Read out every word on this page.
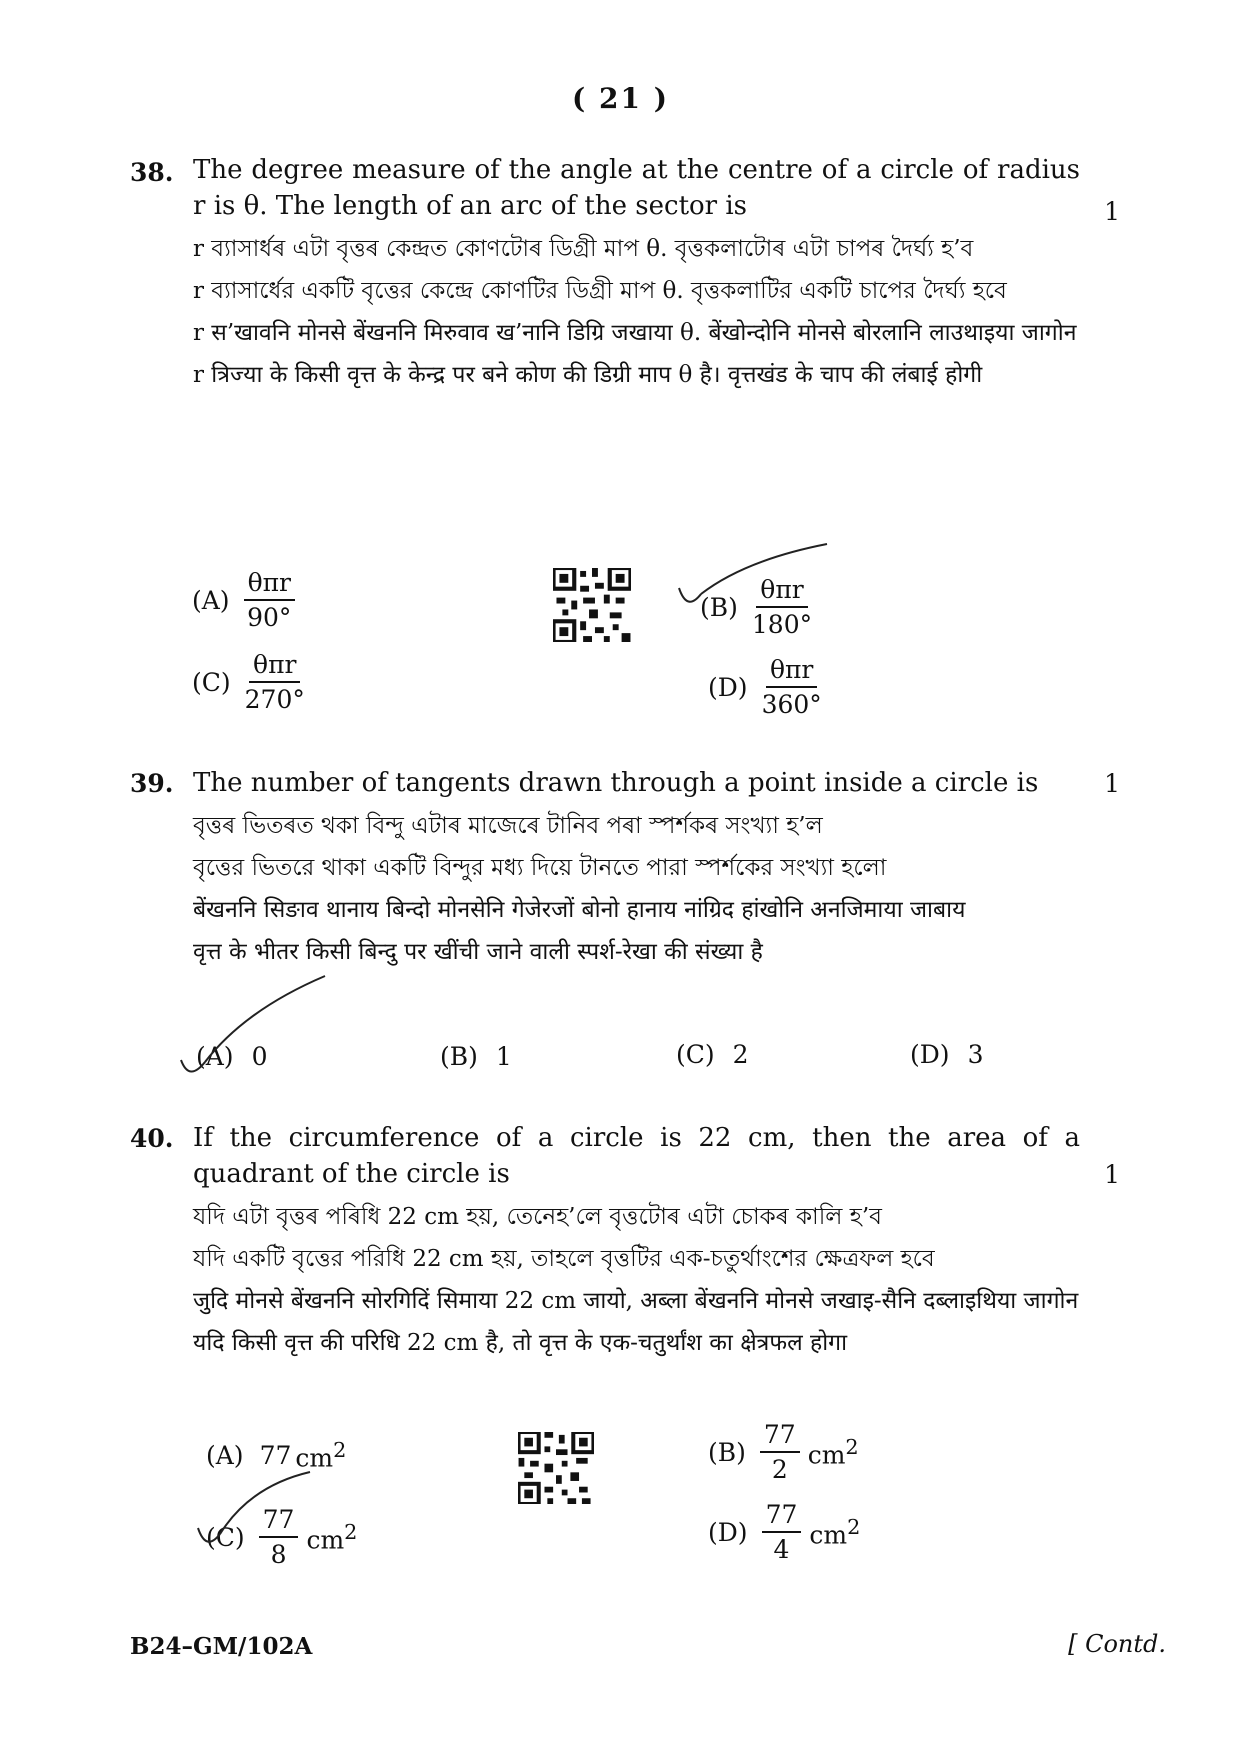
( 21 )
38. The degree measure of the angle at the centre of a circle of radius r is θ. The length of an arc of the sector is
r ব্যাসাৰ্ধৰ এটা বৃত্তৰ কেন্দ্ৰত কোণটোৰ ডিগ্ৰী মাপ θ. বৃত্তকলাটোৰ এটা চাপৰ দৈৰ্ঘ্য হ’ব
r ব্যাসার্ধের একটি বৃত্তের কেন্দ্রে কোণটির ডিগ্রী মাপ θ. বৃত্তকলাটির একটি চাপের দৈর্ঘ্য হবে
r स’खावनि मोनसे बेंखननि मिरुवाव ख’नानि डिग्रि जखाया θ. बेंखोन्दोनि मोनसे बोरलानि लाउथाइया जागोन
r त्रिज्या के किसी वृत्त के केन्द्र पर बने कोण की डिग्री माप θ है। वृत्तखंड के चाप की लंबाई होगी
1
$(A) \frac{\text{θπr}}{90^\circ}$	$(B) \frac{\text{θπr}}{180^\circ}$
$(C) \frac{\text{θπr}}{270^\circ}$	$(D) \frac{\text{θπr}}{360^\circ}$
39. The number of tangents drawn through a point inside a circle is
বৃত্তৰ ভিতৰত থকা বিন্দু এটাৰ মাজেৰে টানিব পৰা স্পৰ্শকৰ সংখ্যা হ’ল
বৃত্তের ভিতরে থাকা একটি বিন্দুর মধ্য দিয়ে টানতে পারা স্পর্শকের সংখ্যা হলো
बेंखननि सिङाव थानाय बिन्दो मोनसेनि गेजेरजों बोनो हानाय नांग्रिद हांखोनि अनजिमाया जाबाय
वृत्त के भीतर किसी बिन्दु पर खींची जाने वाली स्पर्श-रेखा की संख्या है
1
(A) 0	(B) 1	(C) 2	(D) 3
40. If the circumference of a circle is 22 cm, then the area of a quadrant of the circle is
যদি এটা বৃত্তৰ পৰিধি 22 cm হয়, তেনেহ’লে বৃত্তটোৰ এটা চোকৰ কালি হ’ব
যদি একটি বৃত্তের পরিধি 22 cm হয়, তাহলে বৃত্তটির এক-চতুর্থাংশের ক্ষেত্রফল হবে
जुदि मोनसे बेंखननि सोरगिदिं सिमाया 22 cm जायो, अब्ला बेंखननि मोनसे जखाइ-सैनि दब्लाइथिया जागोन
यदि किसी वृत्त की परिधि 22 cm है, तो वृत्त के एक-चतुर्थांश का क्षेत्रफल होगा
1
(A) 77 $cm^2$	$(B) \frac{77}{2} cm^2$
$(C) \frac{77}{8} cm^2$	$(D) \frac{77}{4} cm^2$
B24–GM/102A	[ Contd.
